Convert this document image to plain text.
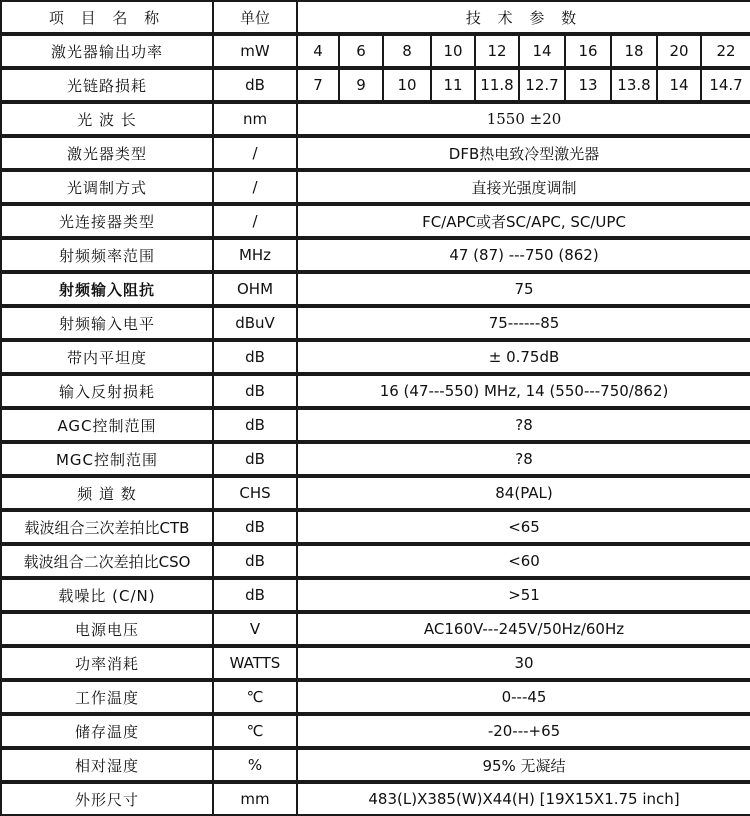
项 目 名 称	单位	技 术 参 数									
激光器输出功率	mW	4	6	8	10	12	14	16	18	20	22
光链路损耗	dB	7	9	10	11	11.8	12.7	13	13.8	14	14.7
光 波 长	nm	1550 ±20									
激光器类型	/	DFB热电致冷型激光器									
光调制方式	/	直接光强度调制									
光连接器类型	/	FC/APC或者SC/APC, SC/UPC									
射频频率范围	MHz	47 (87) ---750 (862)									
射频输入阻抗	OHM	75									
射频输入电平	dBuV	75------85									
带内平坦度	dB	± 0.75dB									
输入反射损耗	dB	16 (47---550) MHz, 14 (550---750/862)									
AGC控制范围	dB	?8									
MGC控制范围	dB	?8									
频 道 数	CHS	84(PAL)									
载波组合三次差拍比CTB	dB	<65									
载波组合二次差拍比CSO	dB	<60									
载噪比 (C/N)	dB	>51									
电源电压	V	AC160V---245V/50Hz/60Hz									
功率消耗	WATTS	30									
工作温度	℃	0---45									
储存温度	℃	-20---+65									
相对湿度	%	95% 无凝结									
外形尺寸	mm	483(L)X385(W)X44(H) [19X15X1.75 inch]									
